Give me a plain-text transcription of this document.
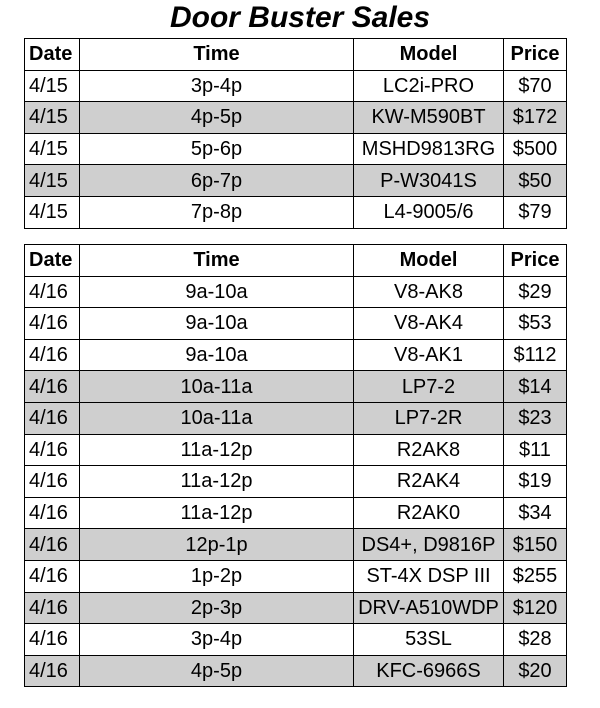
Door Buster Sales
Date	Time	Model	Price
4/15	3p-4p	LC2i-PRO	$70
4/15	4p-5p	KW-M590BT	$172
4/15	5p-6p	MSHD9813RG	$500
4/15	6p-7p	P-W3041S	$50
4/15	7p-8p	L4-9005/6	$79
Date	Time	Model	Price
4/16	9a-10a	V8-AK8	$29
4/16	9a-10a	V8-AK4	$53
4/16	9a-10a	V8-AK1	$112
4/16	10a-11a	LP7-2	$14
4/16	10a-11a	LP7-2R	$23
4/16	11a-12p	R2AK8	$11
4/16	11a-12p	R2AK4	$19
4/16	11a-12p	R2AK0	$34
4/16	12p-1p	DS4+, D9816P	$150
4/16	1p-2p	ST-4X DSP III	$255
4/16	2p-3p	DRV-A510WDP	$120
4/16	3p-4p	53SL	$28
4/16	4p-5p	KFC-6966S	$20
